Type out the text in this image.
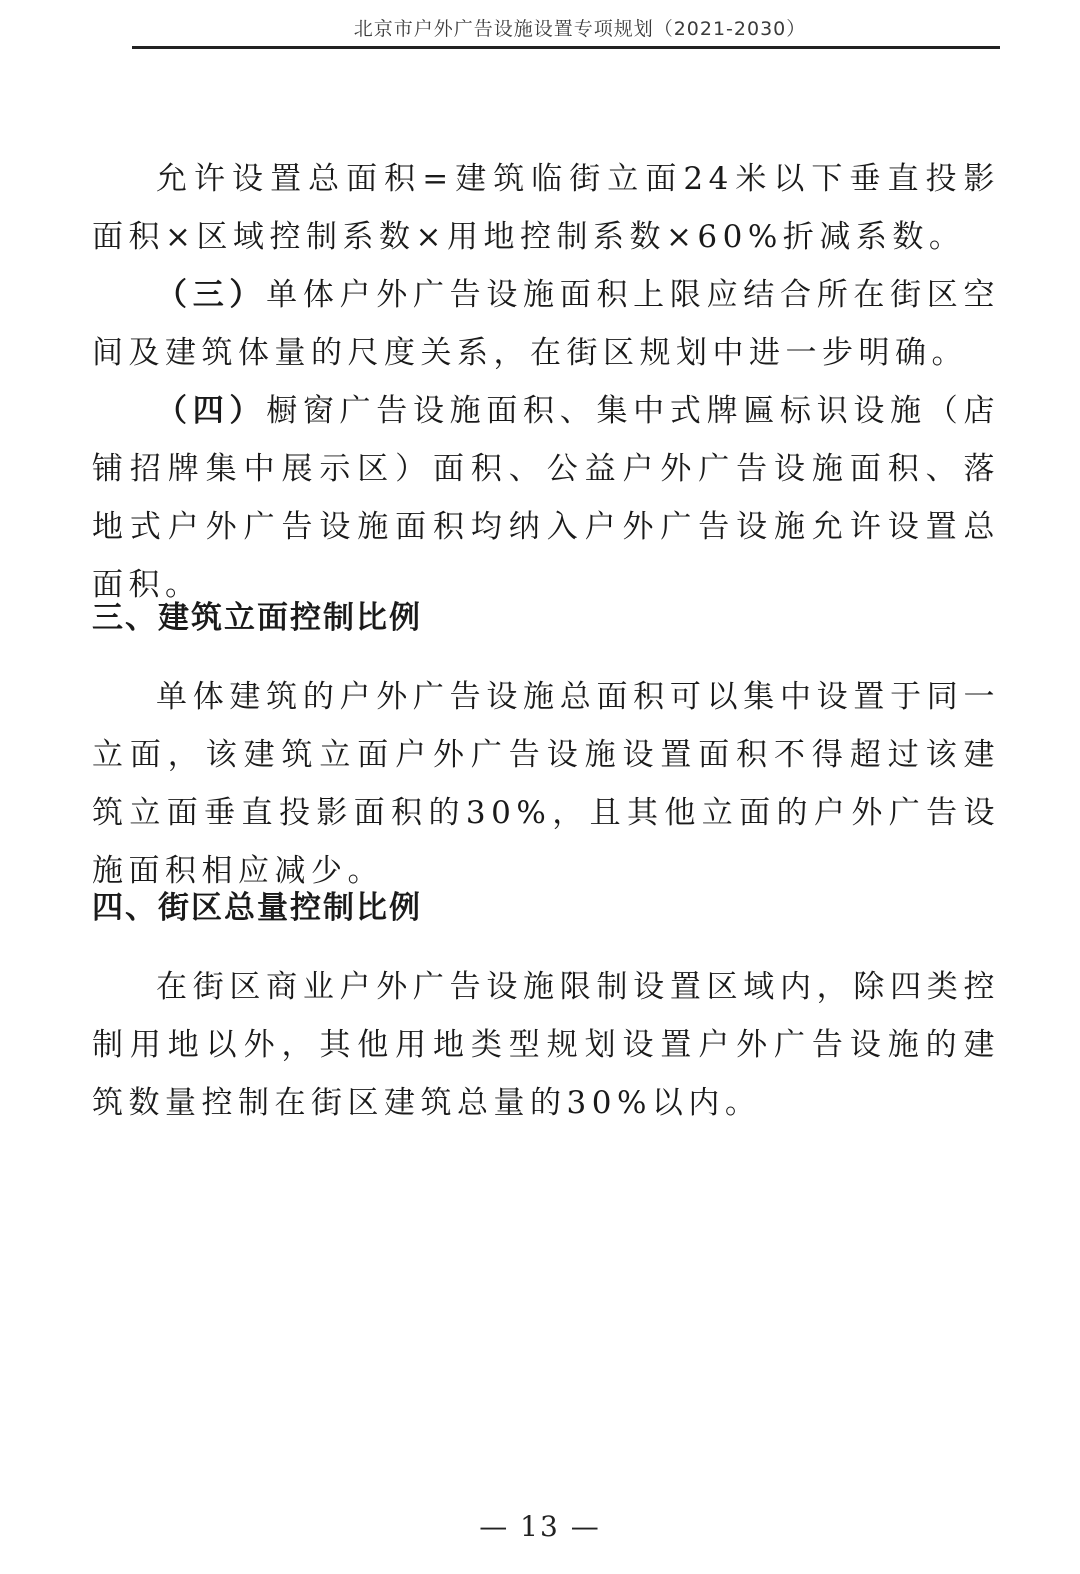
北京市户外广告设施设置专项规划（2021-2030）

允许设置总面积=建筑临街立面24米以下垂直投影面积×区域控制系数×用地控制系数×60%折减系数。

（三）单体户外广告设施面积上限应结合所在街区空间及建筑体量的尺度关系，在街区规划中进一步明确。

（四）橱窗广告设施面积、集中式牌匾标识设施（店铺招牌集中展示区）面积、公益户外广告设施面积、落地式户外广告设施面积均纳入户外广告设施允许设置总面积。

三、建筑立面控制比例

单体建筑的户外广告设施总面积可以集中设置于同一立面，该建筑立面户外广告设施设置面积不得超过该建筑立面垂直投影面积的30%，且其他立面的户外广告设施面积相应减少。

四、街区总量控制比例

在街区商业户外广告设施限制设置区域内，除四类控制用地以外，其他用地类型规划设置户外广告设施的建筑数量控制在街区建筑总量的30%以内。

— 13 —
